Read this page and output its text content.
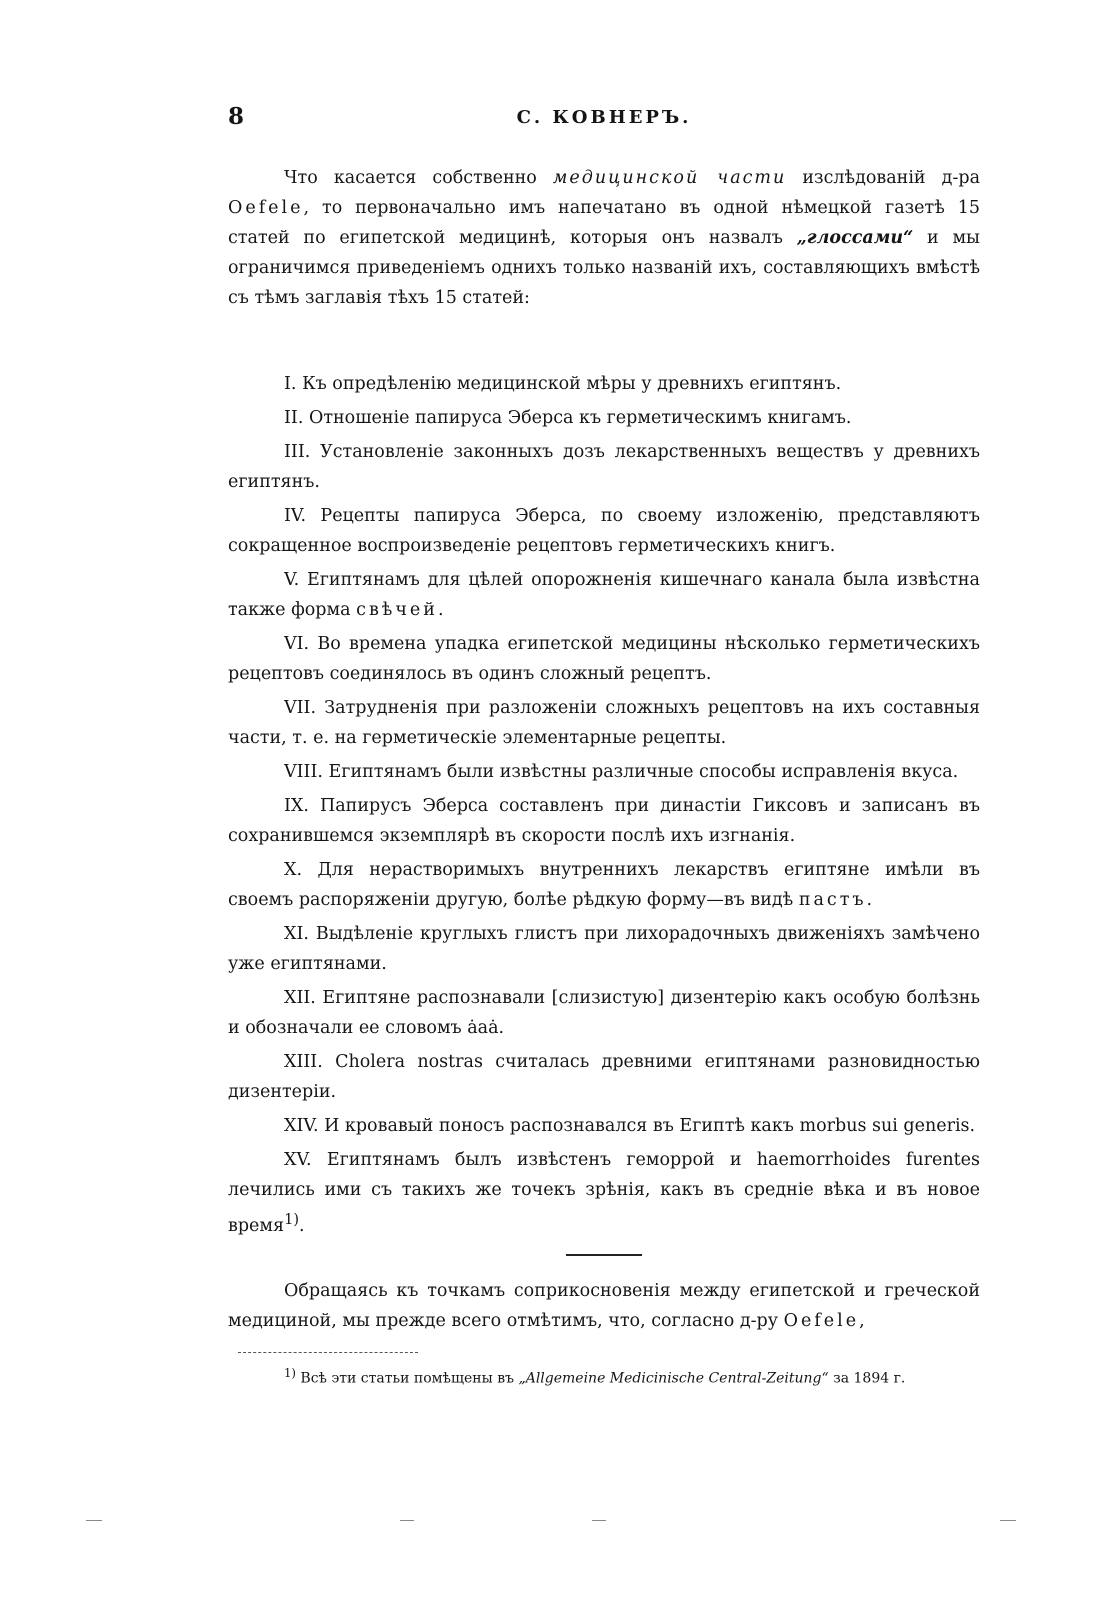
8	С. КОВНЕРЪ.

Что касается собственно медицинской части изслѣдованій д-ра Oefele, то первоначально имъ напечатано въ одной нѣмецкой газетѣ 15 статей по египетской медицинѣ, которыя онъ назвалъ „глоссами“ и мы ограничимся приведеніемъ однихъ только названій ихъ, составляющихъ вмѣстѣ съ тѣмъ заглавія тѣхъ 15 статей:

I. Къ опредѣленію медицинской мѣры у древнихъ египтянъ.
II. Отношеніе папируса Эберса къ герметическимъ книгамъ.
III. Установленіе законныхъ дозъ лекарственныхъ веществъ у древнихъ египтянъ.
IV. Рецепты папируса Эберса, по своему изложенію, представляютъ сокращенное воспроизведеніе рецептовъ герметическихъ книгъ.
V. Египтянамъ для цѣлей опорожненія кишечнаго канала была извѣстна также форма свѣчей.
VI. Во времена упадка египетской медицины нѣсколько герметическихъ рецептовъ соединялось въ одинъ сложный рецептъ.
VII. Затрудненія при разложеніи сложныхъ рецептовъ на ихъ составныя части, т. е. на герметическіе элементарные рецепты.
VIII. Египтянамъ были извѣстны различные способы исправленія вкуса.
IX. Папирусъ Эберса составленъ при династіи Гиксовъ и записанъ въ сохранившемся экземплярѣ въ скорости послѣ ихъ изгнанія.
X. Для нерастворимыхъ внутреннихъ лекарствъ египтяне имѣли въ своемъ распоряженіи другую, болѣе рѣдкую форму—въ видѣ пастъ.
XI. Выдѣленіе круглыхъ глистъ при лихорадочныхъ движеніяхъ замѣчено уже египтянами.
XII. Египтяне распознавали [слизистую] дизентерію какъ особую болѣзнь и обозначали ее словомъ ȧaȧ.
XIII. Cholera nostras считалась древними египтянами разновидностью дизентеріи.
XIV. И кровавый поносъ распознавался въ Египтѣ какъ morbus sui generis.
XV. Египтянамъ былъ извѣстенъ геморрой и haemorrhoides furentes лечились ими съ такихъ же точекъ зрѣнія, какъ въ средніе вѣка и въ новое время$^{1)}$.

Обращаясь къ точкамъ соприкосновенія между египетской и греческой медициной, мы прежде всего отмѣтимъ, что, согласно д-ру Oefele,

$^{1)}$ Всѣ эти статьи помѣщены въ „Allgemeine Medicinische Central-Zeitung“ за 1894 г.
